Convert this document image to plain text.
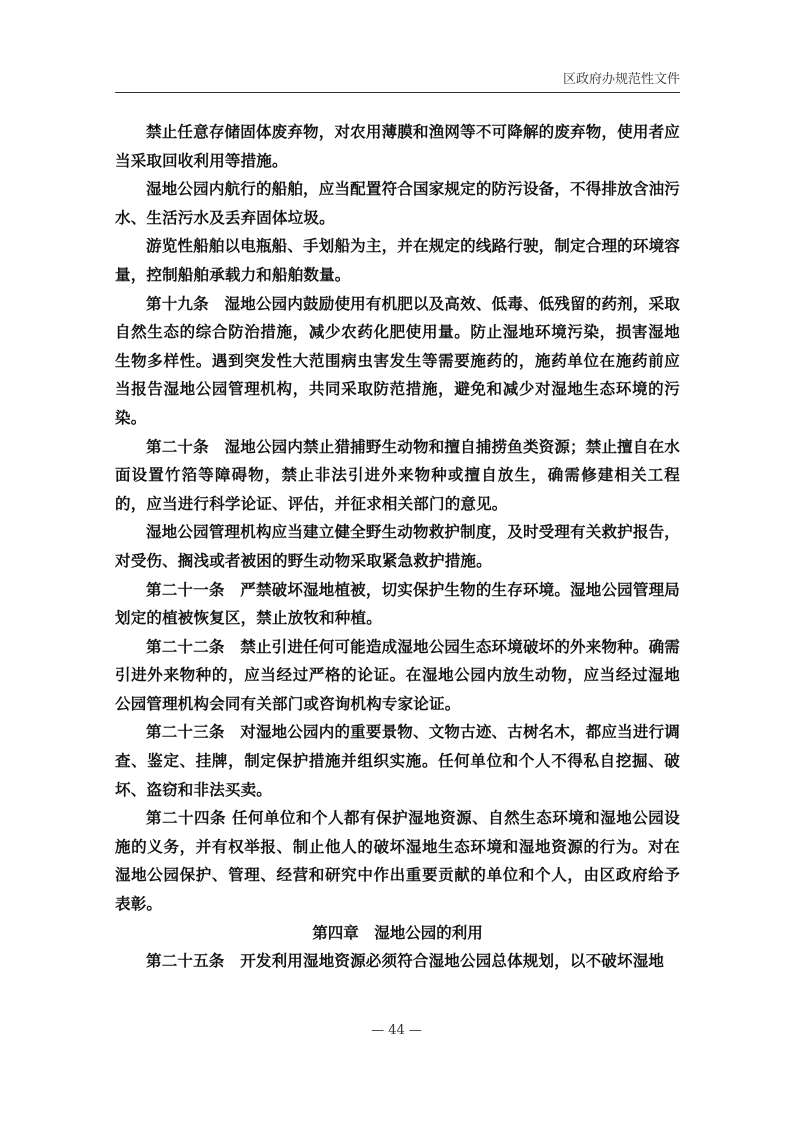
区政府办规范性文件

禁止任意存储固体废弃物，对农用薄膜和渔网等不可降解的废弃物，使用者应当采取回收利用等措施。

湿地公园内航行的船舶，应当配置符合国家规定的防污设备，不得排放含油污水、生活污水及丢弃固体垃圾。

游览性船舶以电瓶船、手划船为主，并在规定的线路行驶，制定合理的环境容量，控制船舶承载力和船舶数量。

第十九条　湿地公园内鼓励使用有机肥以及高效、低毒、低残留的药剂，采取自然生态的综合防治措施，减少农药化肥使用量。防止湿地环境污染，损害湿地生物多样性。遇到突发性大范围病虫害发生等需要施药的，施药单位在施药前应当报告湿地公园管理机构，共同采取防范措施，避免和减少对湿地生态环境的污染。

第二十条　湿地公园内禁止猎捕野生动物和擅自捕捞鱼类资源；禁止擅自在水面设置竹箔等障碍物，禁止非法引进外来物种或擅自放生，确需修建相关工程的，应当进行科学论证、评估，并征求相关部门的意见。

湿地公园管理机构应当建立健全野生动物救护制度，及时受理有关救护报告，对受伤、搁浅或者被困的野生动物采取紧急救护措施。

第二十一条　严禁破坏湿地植被，切实保护生物的生存环境。湿地公园管理局划定的植被恢复区，禁止放牧和种植。

第二十二条　禁止引进任何可能造成湿地公园生态环境破坏的外来物种。确需引进外来物种的，应当经过严格的论证。在湿地公园内放生动物，应当经过湿地公园管理机构会同有关部门或咨询机构专家论证。

第二十三条　对湿地公园内的重要景物、文物古迹、古树名木，都应当进行调查、鉴定、挂牌，制定保护措施并组织实施。任何单位和个人不得私自挖掘、破坏、盗窃和非法买卖。

第二十四条 任何单位和个人都有保护湿地资源、自然生态环境和湿地公园设施的义务，并有权举报、制止他人的破坏湿地生态环境和湿地资源的行为。对在湿地公园保护、管理、经营和研究中作出重要贡献的单位和个人，由区政府给予表彰。

第四章　湿地公园的利用

第二十五条　开发利用湿地资源必须符合湿地公园总体规划，以不破坏湿地

— 44 —
